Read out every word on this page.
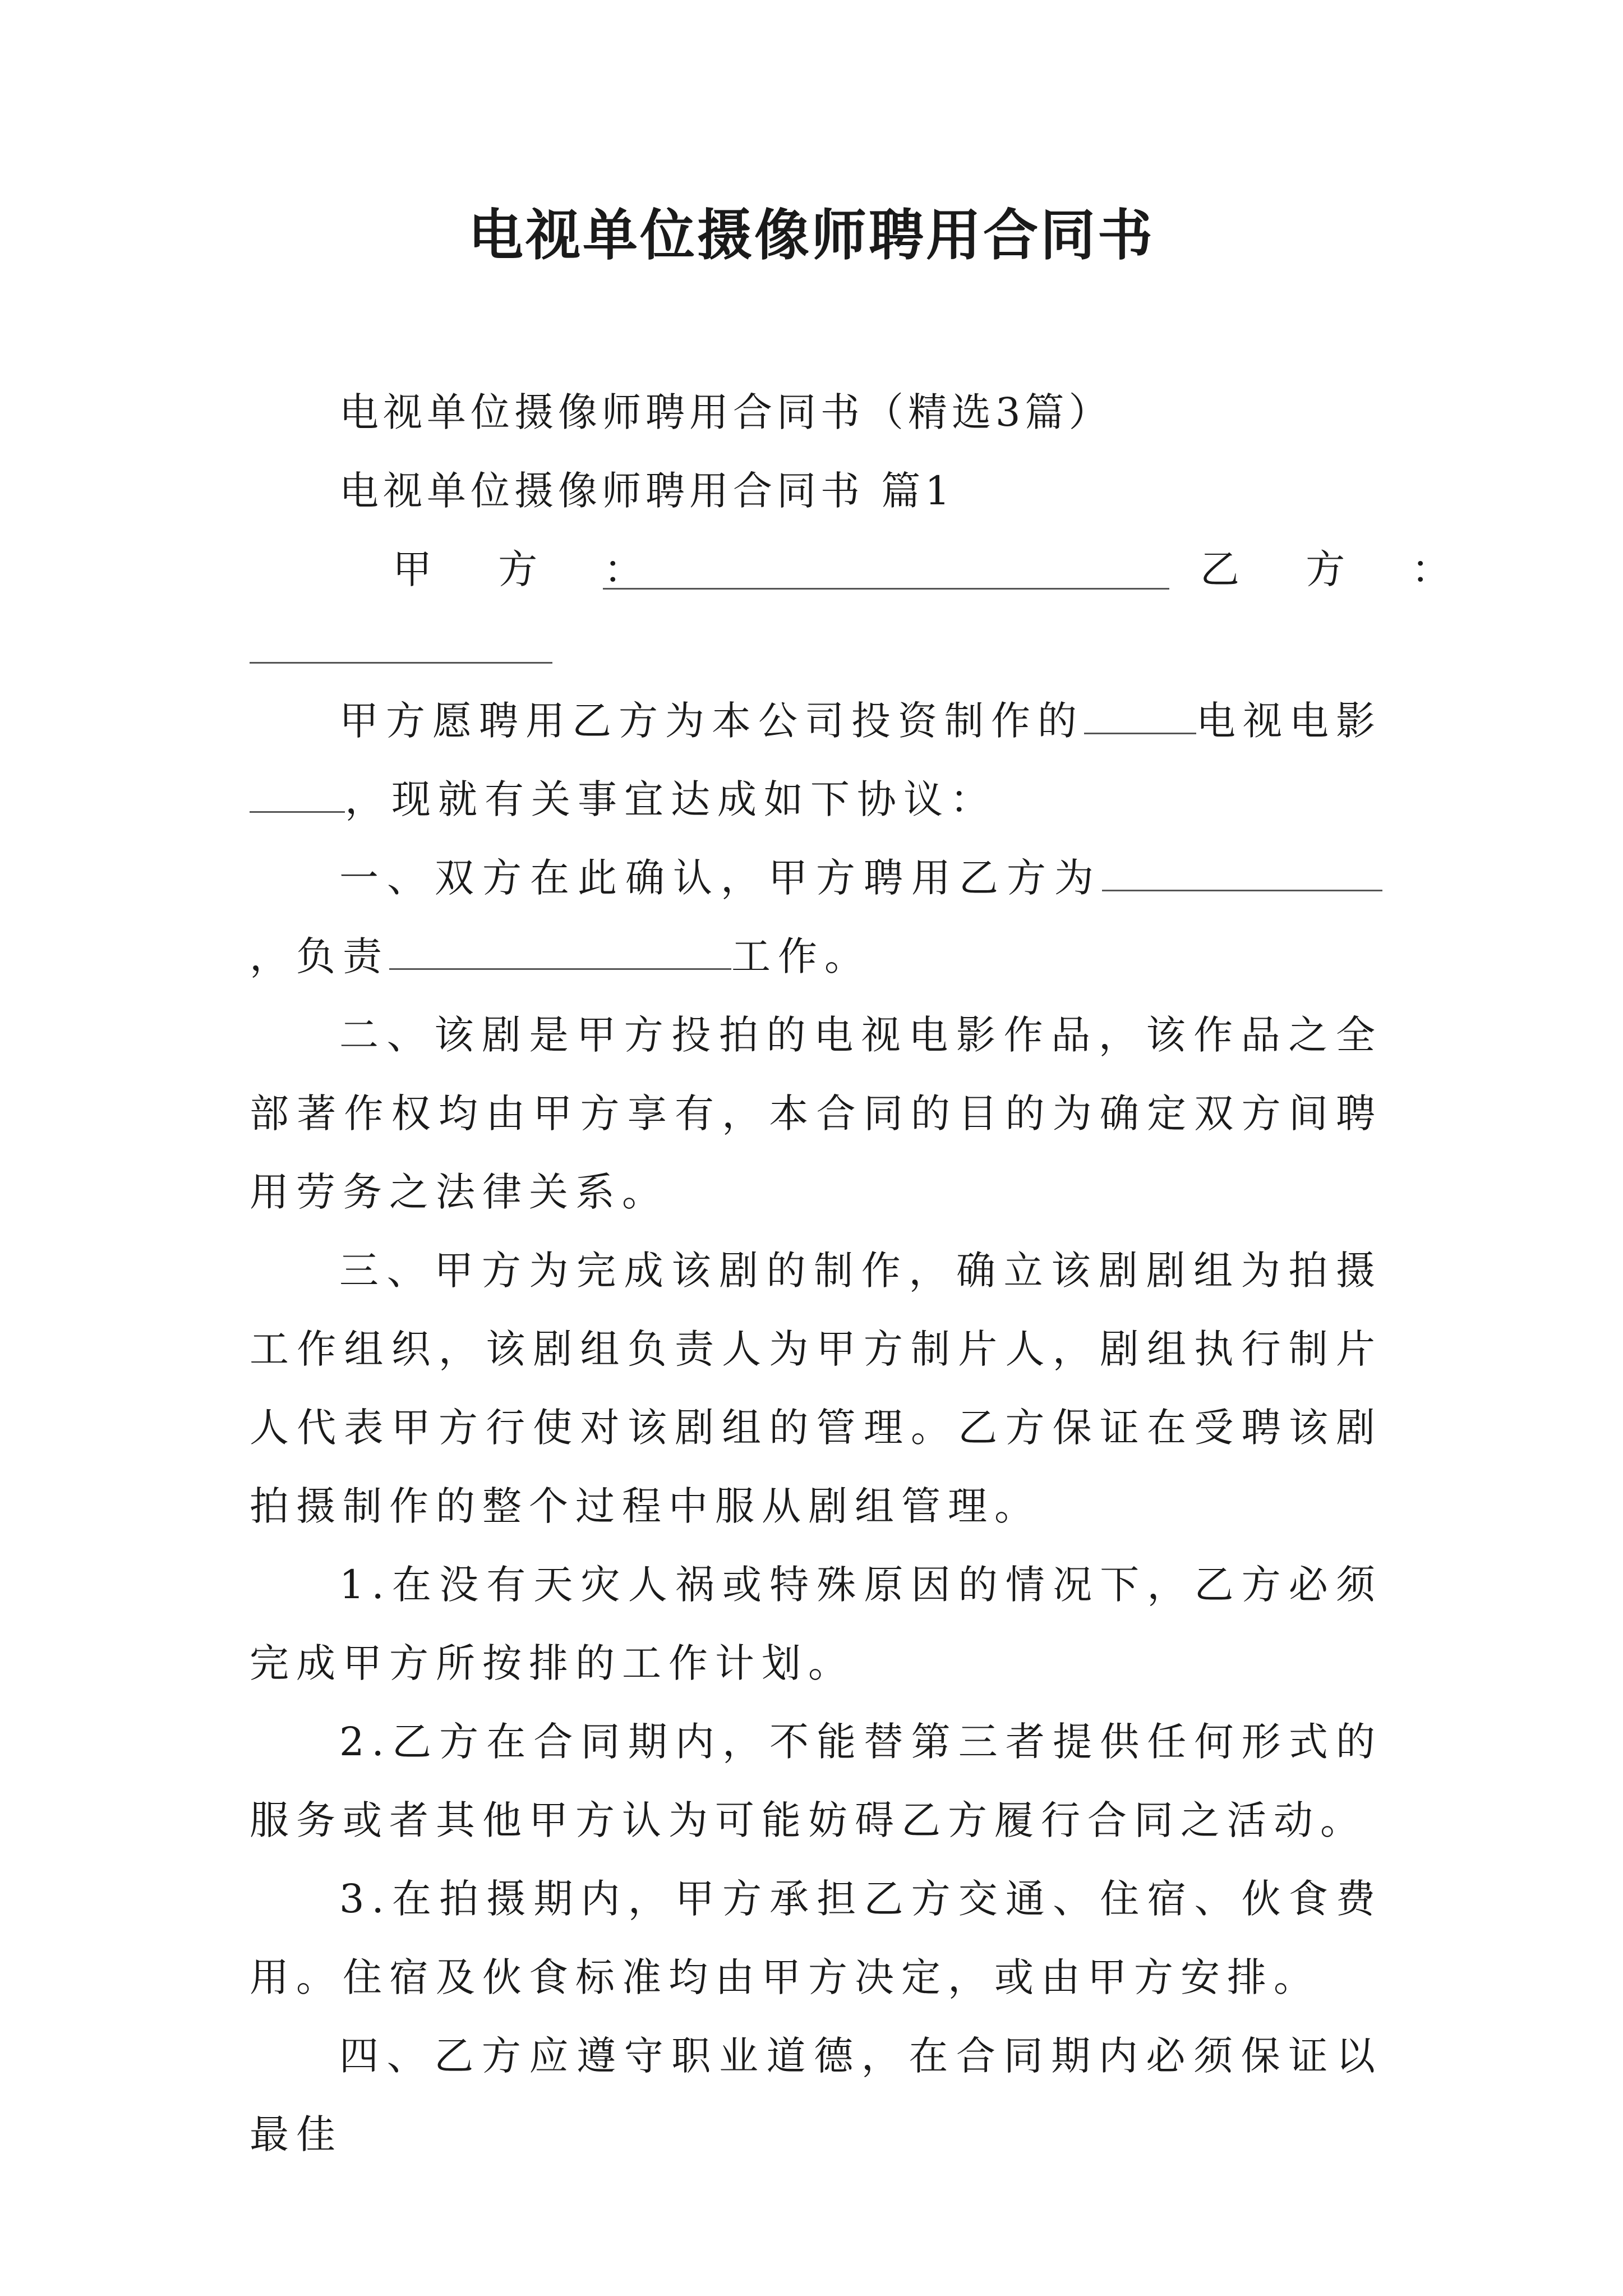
电视单位摄像师聘用合同书
电视单位摄像师聘用合同书（精选3篇）
电视单位摄像师聘用合同书 篇1
甲 方 ：	乙 方 ：
甲方愿聘用乙方为本公司投资制作的	电视电影，现就有关事宜达成如下协议：
一、双方在此确认，甲方聘用乙方为，负责	工作。
二、该剧是甲方投拍的电视电影作品，该作品之全部著作权均由甲方享有，本合同的目的为确定双方间聘用劳务之法律关系。
三、甲方为完成该剧的制作，确立该剧剧组为拍摄工作组织，该剧组负责人为甲方制片人，剧组执行制片人代表甲方行使对该剧组的管理。乙方保证在受聘该剧拍摄制作的整个过程中服从剧组管理。
1.在没有天灾人祸或特殊原因的情况下，乙方必须完成甲方所按排的工作计划。
2.乙方在合同期内，不能替第三者提供任何形式的服务或者其他甲方认为可能妨碍乙方履行合同之活动。
3.在拍摄期内，甲方承担乙方交通、住宿、伙食费用。住宿及伙食标准均由甲方决定，或由甲方安排。
四、乙方应遵守职业道德，在合同期内必须保证以最佳
